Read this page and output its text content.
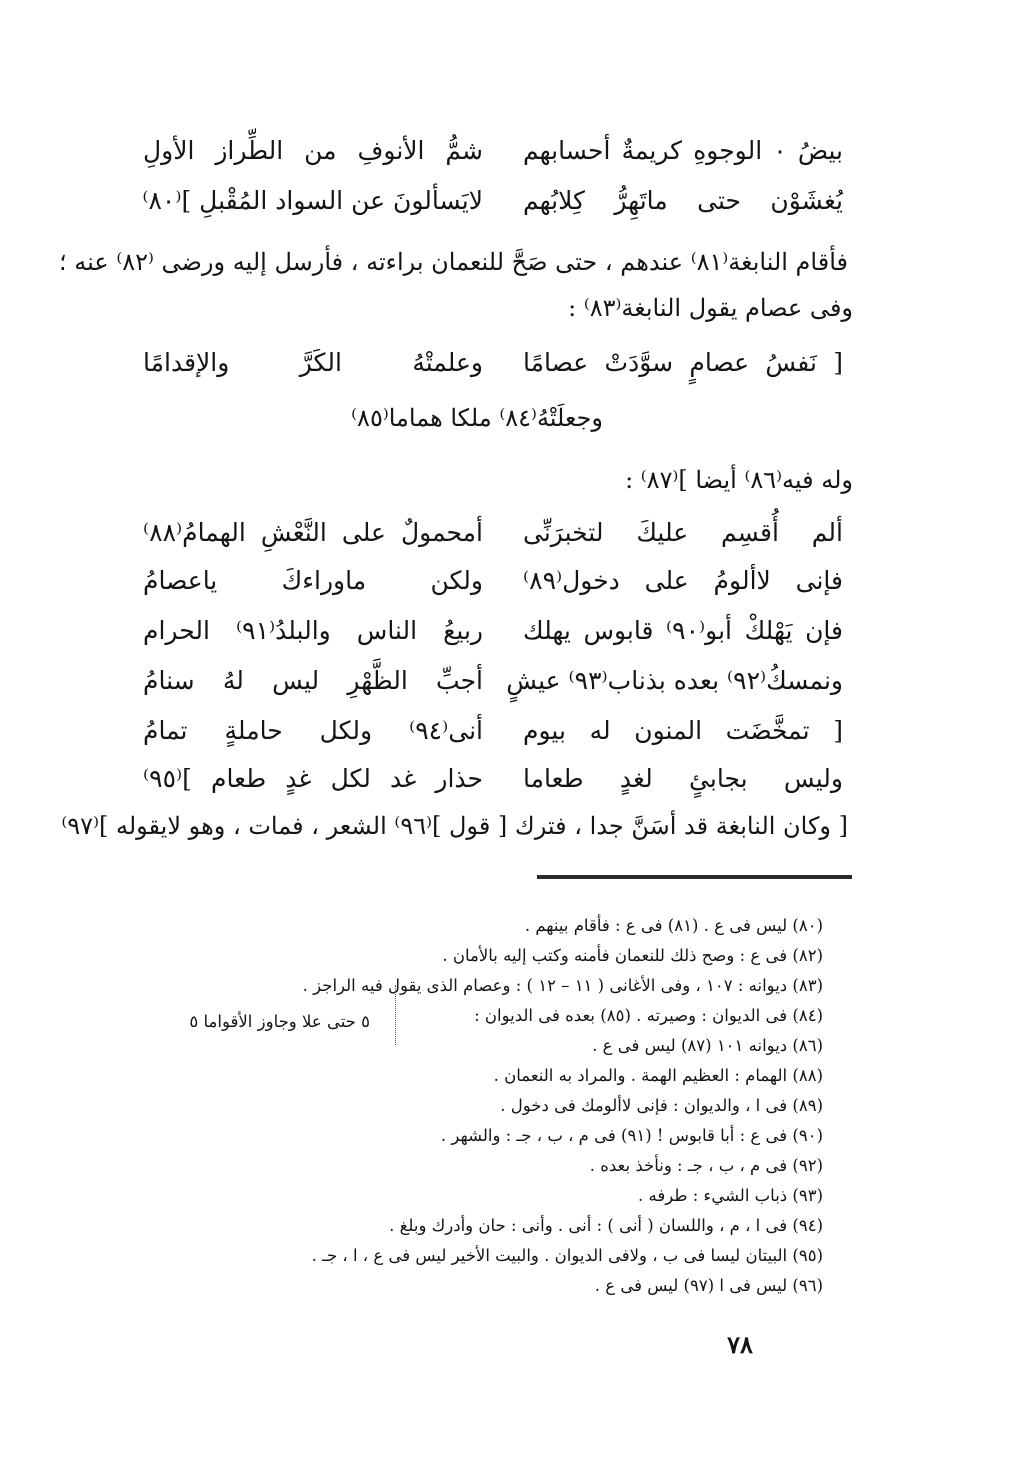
بيضُ ٠ الوجوهِ كريمةٌ أحسابهم
شمُّ الأنوفِ من الطِّراز الأولِ
يُغشَوْن حتى ماتَهِرُّ كِلابُهم
لايَسألونَ عن السواد المُقْبلِ ]⁽٨٠⁾
فأقام النابغة⁽٨١⁾ عندهم ، حتى صَحَّ للنعمان براءته ، فأرسل إليه ورضى ⁽٨٢⁾ عنه ؛
وفى عصام يقول النابغة⁽٨٣⁾ :
[ نَفسُ عصامٍ سوَّدَتْ عصامًا
وعلمتْهُ الكَرَّ والإقدامًا
وجعلَتْهُ⁽٨٤⁾ ملكا هماما⁽٨٥⁾
وله فيه⁽٨٦⁾ أيضا ]⁽٨٧⁾ :
ألم أُقسِم عليكَ لتخبرَنِّى
أمحمولٌ على النَّعْشِ الهمامُ⁽٨٨⁾
فإنى لاألومُ على دخول⁽٨٩⁾
ولكن ماوراءكَ ياعصامُ
فإن يَهْلكْ أبو⁽٩٠⁾ قابوس يهلك
ربيعُ الناس والبلدُ⁽٩١⁾ الحرام
ونمسكُ⁽٩٢⁾ بعده بذناب⁽٩٣⁾ عيشٍ
أجبِّ الظَّهْرِ ليس لهُ سنامُ
[ تمخَّضَت المنون له بيوم
أنى⁽٩٤⁾ ولكل حاملةٍ تمامُ
وليس بجابئٍ لغدٍ طعاما
حذار غد لكل غدٍ طعام ]⁽٩٥⁾
[ وكان النابغة قد أسَنَّ جدا ، فترك [ قول ]⁽٩٦⁾ الشعر ، فمات ، وهو لايقوله ]⁽٩٧⁾
(٨٠) ليس فى ع . (٨١) فى ع : فأقام بينهم .
(٨٢) فى ع : وصح ذلك للنعمان فأمنه وكتب إليه بالأمان .
(٨٣) ديوانه : ١٠٧ ، وفى الأغانى ( ١١ – ١٢ ) : وعصام الذى يقول فيه الراجز .
(٨٤) فى الديوان : وصيرته . (٨٥) بعده فى الديوان :
٥ حتى علا وجاوز الأقواما ٥
(٨٦) ديوانه ١٠١ (٨٧) ليس فى ع .
(٨٨) الهمام : العظيم الهمة . والمراد به النعمان .
(٨٩) فى ا ، والديوان : فإنى لاألومك فى دخول .
(٩٠) فى ع : أبا قابوس ! (٩١) فى م ، ب ، جـ : والشهر .
(٩٢) فى م ، ب ، جـ : ونأخذ بعده .
(٩٣) ذباب الشيء : طرفه .
(٩٤) فى ا ، م ، واللسان ( أنى ) : أنى . وأنى : حان وأدرك وبلغ .
(٩٥) البيتان ليسا فى ب ، ولافى الديوان . والبيت الأخير ليس فى ع ، ا ، جـ .
(٩٦) ليس فى ا (٩٧) ليس فى ع .
٧٨
